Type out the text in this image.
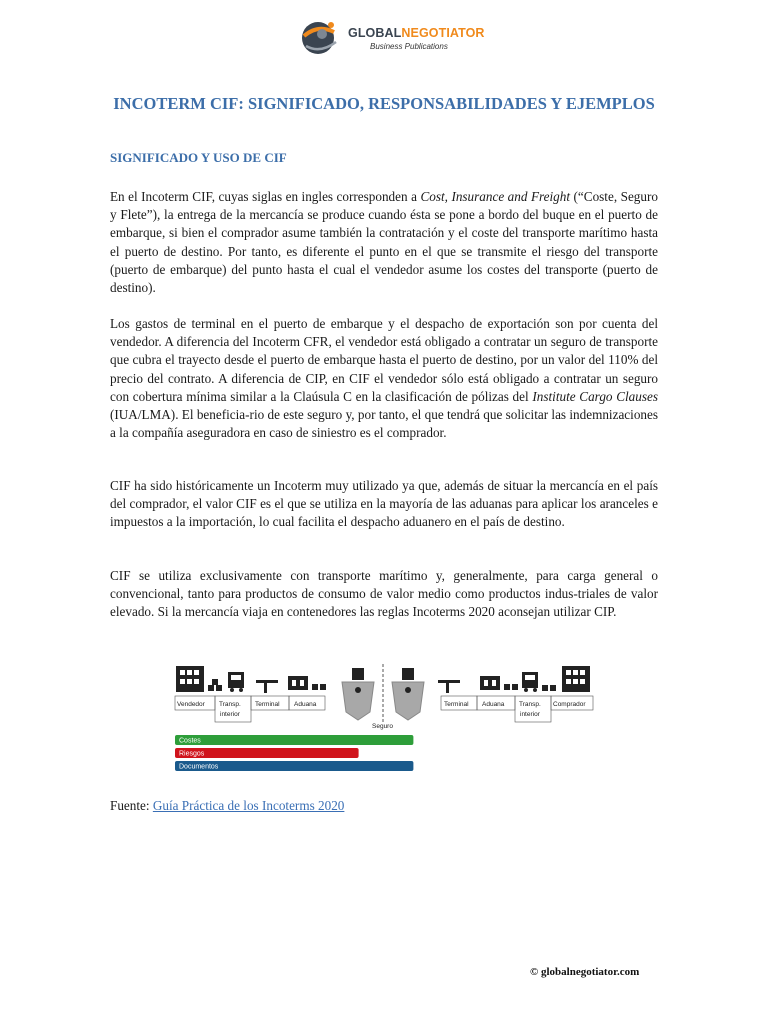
GLOBALNEGOTIATOR
Business Publications
INCOTERM CIF: SIGNIFICADO, RESPONSABILIDADES Y EJEMPLOS
SIGNIFICADO Y USO DE CIF

En el Incoterm CIF, cuyas siglas en ingles corresponden a Cost, Insurance and Freight (“Coste, Seguro y Flete”), la entrega de la mercancía se produce cuando ésta se pone a bordo del buque en el puerto de embarque, si bien el comprador asume también la contratación y el coste del transporte marítimo hasta el puerto de destino. Por tanto, es diferente el punto en el que se transmite el riesgo del transporte (puerto de embarque) del punto hasta el cual el vendedor asume los costes del transporte (puerto de destino).

Los gastos de terminal en el puerto de embarque y el despacho de exportación son por cuenta del vendedor. A diferencia del Incoterm CFR, el vendedor está obligado a contratar un seguro de transporte que cubra el trayecto desde el puerto de embarque hasta el puerto de destino, por un valor del 110% del precio del contrato. A diferencia de CIP, en CIF el vendedor sólo está obligado a contratar un seguro con cobertura mínima similar a la Claúsula C en la clasificación de pólizas del Institute Cargo Clauses (IUA/LMA). El beneficia-rio de este seguro y, por tanto, el que tendrá que solicitar las indemnizaciones a la compañía aseguradora en caso de siniestro es el comprador.

CIF ha sido históricamente un Incoterm muy utilizado ya que, además de situar la mercancía en el país del comprador, el valor CIF es el que se utiliza en la mayoría de las aduanas para aplicar los aranceles e impuestos a la importación, lo cual facilita el despacho aduanero en el país de destino.

CIF se utiliza exclusivamente con transporte marítimo y, generalmente, para carga general o convencional, tanto para productos de consumo de valor medio como productos indus-triales de valor elevado. Si la mercancía viaja en contenedores las reglas Incoterms 2020 aconsejan utilizar CIP.

Vendedor Transp.
interior
Terminal Aduana
Seguro
Terminal Aduana Transp.
interior
Comprador
Costes
Riesgos
Documentos
Fuente: Guía Práctica de los Incoterms 2020
© globalnegotiator.com
